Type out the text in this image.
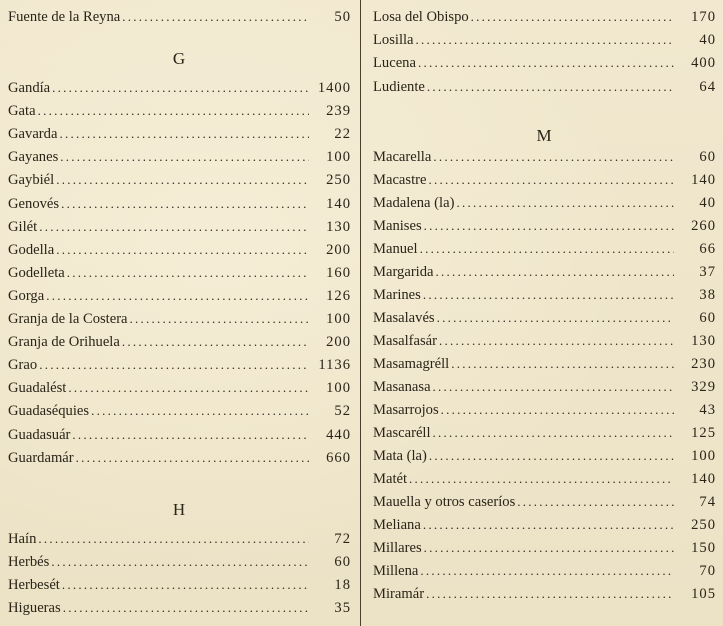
Fuente de la Reyna . . .	50
G
Gandía . . .	1400
Gata . . .	239
Gavarda . . .	22
Gayanes . . .	100
Gaybiél . . .	250
Genovés . . .	140
Gilét . . .	130
Godella . . .	200
Godelleta . . .	160
Gorga . . .	126
Granja de la Costera . . .	100
Granja de Orihuela . . .	200
Grao . . .	1136
Guadalést . . .	100
Guadaséquies . . .	52
Guadasuár . . .	440
Guardamár . . .	660
H
Haín . . .	72
Herbés . . .	60
Herbesét . . .	18
Higueras . . .	35
Losa del Obispo . . .	170
Losilla . . .	40
Lucena . . .	400
Ludiente . . .	64
M
Macarella . . .	60
Macastre . . .	140
Madalena (la) . . .	40
Manises . . .	260
Manuel . . .	66
Margarida . . .	37
Marines . . .	38
Masalavés . . .	60
Masalfasár . . .	130
Masamagréll . . .	230
Masanasa . . .	329
Masarrojos . . .	43
Mascaréll . . .	125
Mata (la) . . .	100
Matét . . .	140
Mauella y otros caseríos . . .	74
Meliana . . .	250
Millares . . .	150
Millena . . .	70
Miramár . . .	105
